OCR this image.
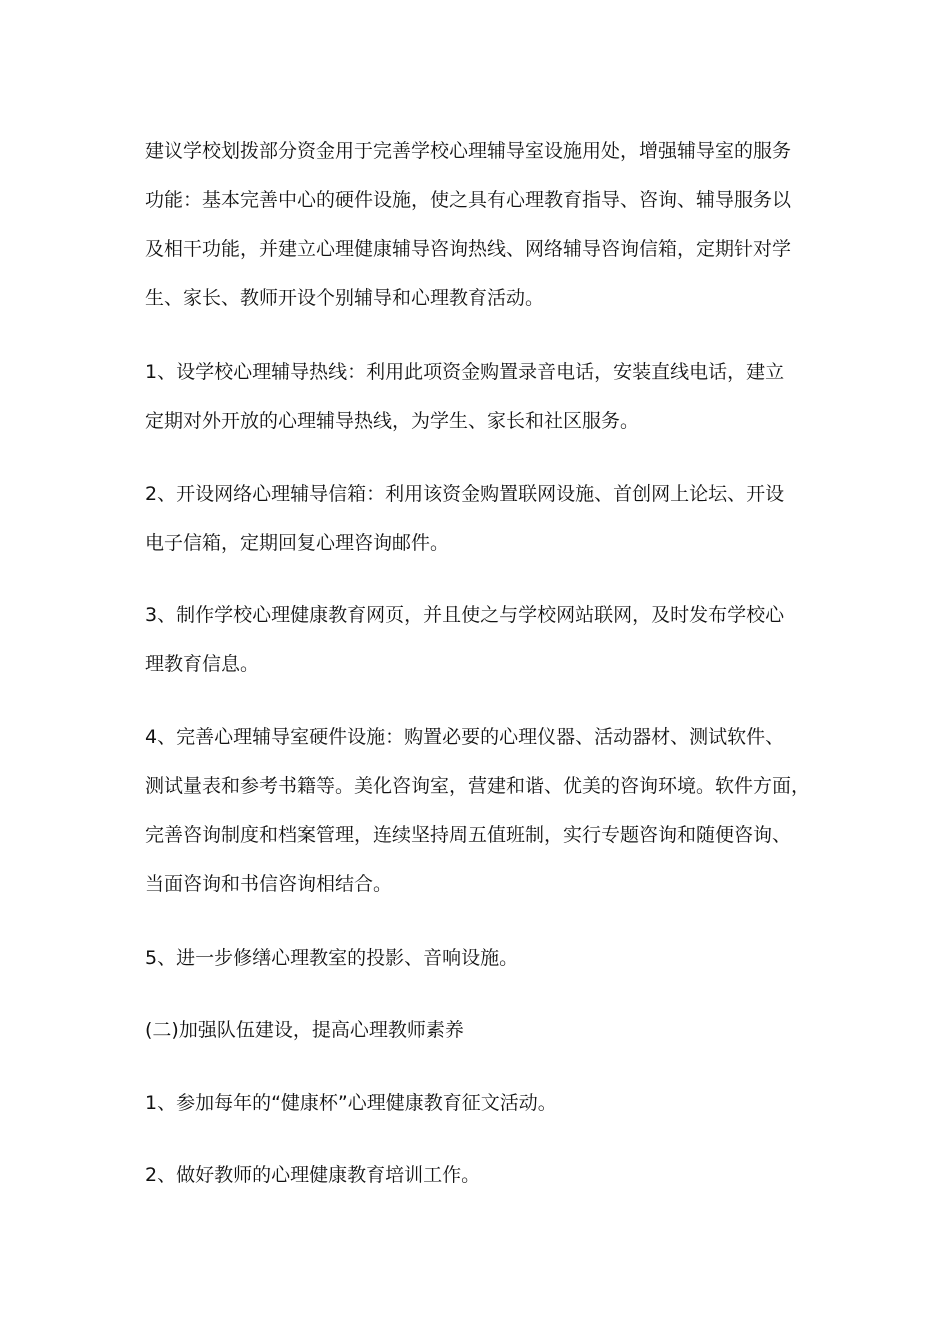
建议学校划拨部分资金用于完善学校心理辅导室设施用处，增强辅导室的服务
功能：基本完善中心的硬件设施，使之具有心理教育指导、咨询、辅导服务以
及相干功能，并建立心理健康辅导咨询热线、网络辅导咨询信箱，定期针对学
生、家长、教师开设个别辅导和心理教育活动。

1、设学校心理辅导热线：利用此项资金购置录音电话，安装直线电话，建立
定期对外开放的心理辅导热线，为学生、家长和社区服务。

2、开设网络心理辅导信箱：利用该资金购置联网设施、首创网上论坛、开设
电子信箱，定期回复心理咨询邮件。

3、制作学校心理健康教育网页，并且使之与学校网站联网，及时发布学校心
理教育信息。

4、完善心理辅导室硬件设施：购置必要的心理仪器、活动器材、测试软件、
测试量表和参考书籍等。美化咨询室，营建和谐、优美的咨询环境。软件方面，
完善咨询制度和档案管理，连续坚持周五值班制，实行专题咨询和随便咨询、
当面咨询和书信咨询相结合。

5、进一步修缮心理教室的投影、音响设施。

(二)加强队伍建设，提高心理教师素养

1、参加每年的“健康杯”心理健康教育征文活动。

2、做好教师的心理健康教育培训工作。
